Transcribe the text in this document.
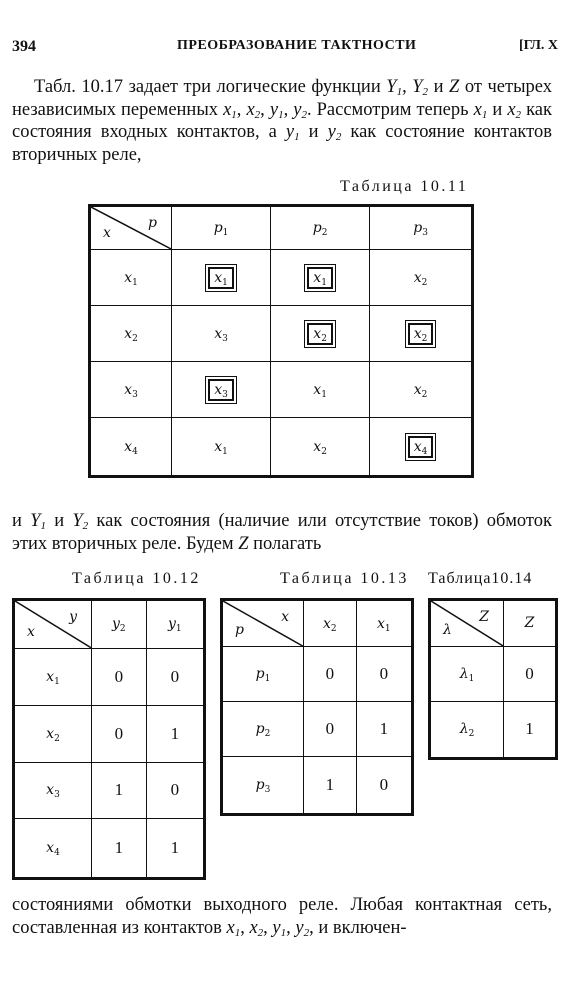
394	ПРЕОБРАЗОВАНИЕ ТАКТНОСТИ	[ГЛ. X

Табл. 10.17 задает три логические функции $Y_1$, $Y_2$ и Z от четырех независимых переменных $x_1$, $x_2$, $y_1$, $y_2$. Рассмотрим теперь $x_1$ и $x_2$ как состояния входных контактов, а $y_1$ и $y_2$ как состояние контактов вторичных реле,

Таблица 10.11
p
x	$p_1$	$p_2$	$p_3$
$x_1$	$x_1$	$x_1$	$x_2$
$x_2$	$x_3$	$x_2$	$x_2$
$x_3$	$x_3$	$x_1$	$x_2$
$x_4$	$x_1$	$x_2$	$x_4$

и $Y_1$ и $Y_2$ как состояния (наличие или отсутствие токов) обмоток этих вторичных реле. Будем Z полагать

Таблица 10.12	Таблица 10.13 Таблица10.14
y
x	$y_2$	$y_1$
$x_1$	0	0
$x_2$	0	1
$x_3$	1	0
$x_4$	1	1
x
p	$x_2$	$x_1$
$p_1$	0	0
$p_2$	0	1
$p_3$	1	0
Z
λ	Z
$\lambda_1$	0
$\lambda_2$	1

состояниями обмотки выходного реле. Любая контактная сеть, составленная из контактов $x_1$, $x_2$, $y_1$, $y_2$, и включен-
